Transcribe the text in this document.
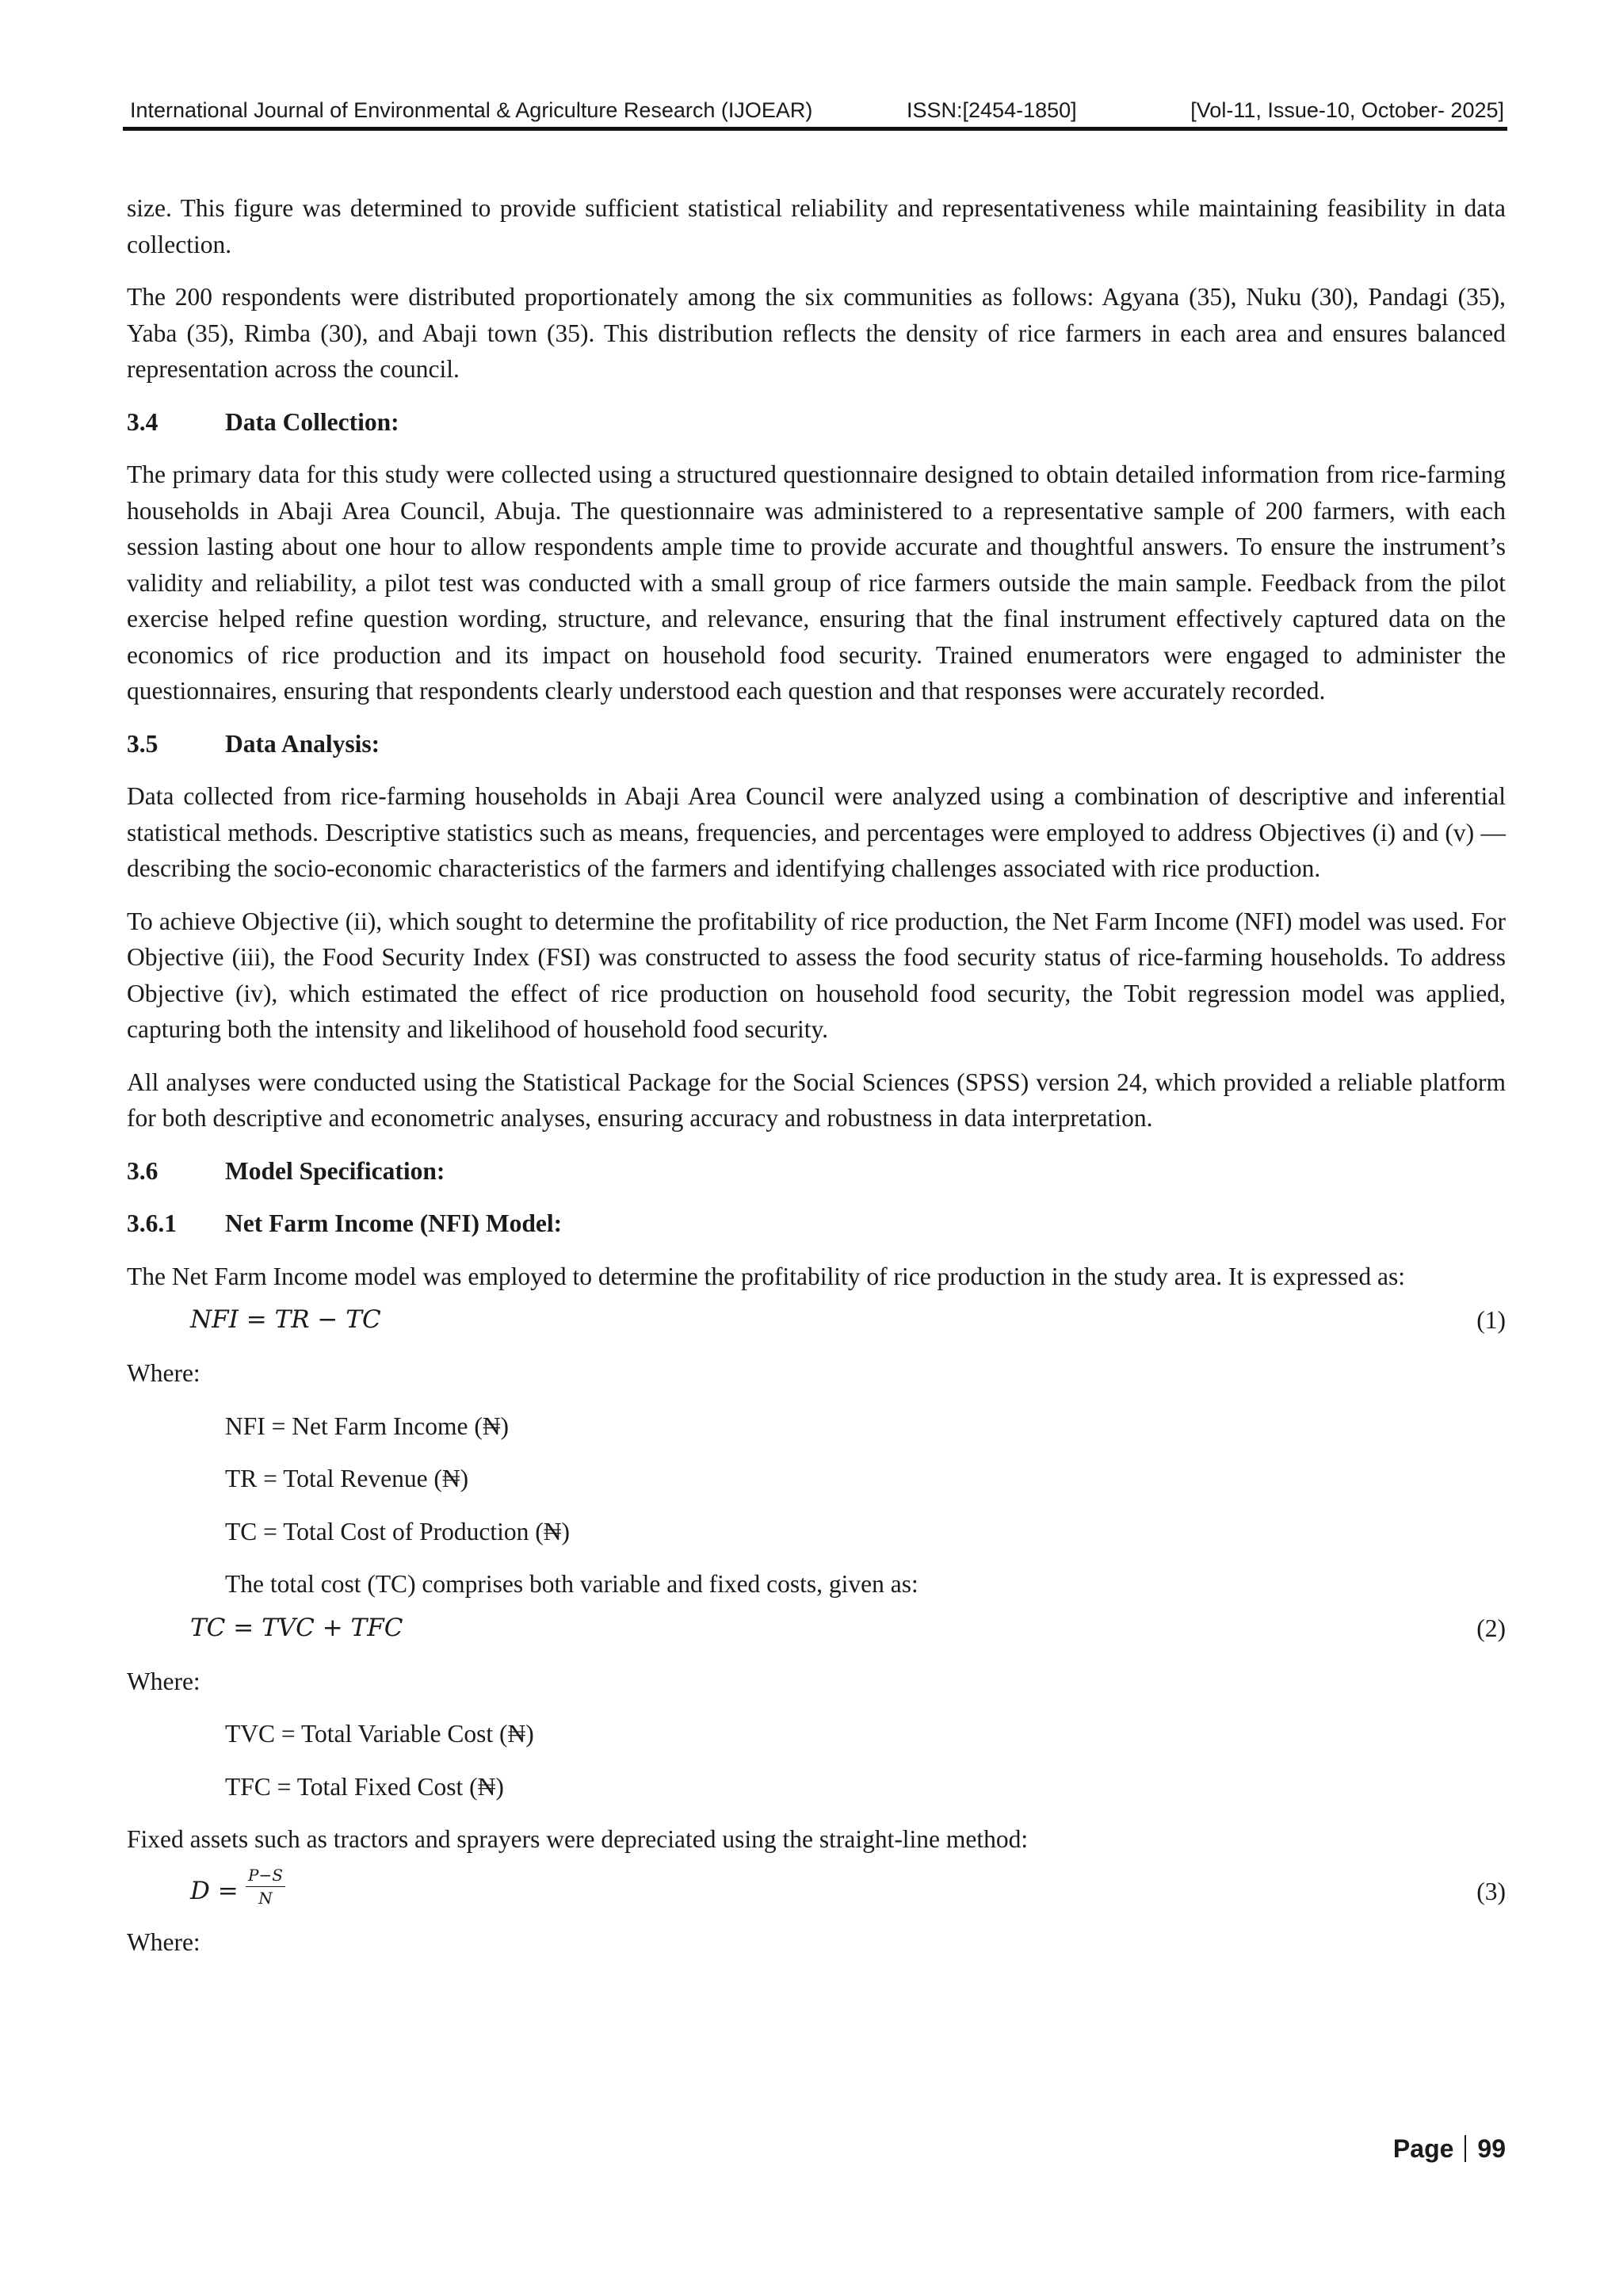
International Journal of Environmental & Agriculture Research (IJOEAR)	ISSN:[2454-1850]	[Vol-11, Issue-10, October- 2025]

size. This figure was determined to provide sufficient statistical reliability and representativeness while maintaining feasibility in data collection.

The 200 respondents were distributed proportionately among the six communities as follows: Agyana (35), Nuku (30), Pandagi (35), Yaba (35), Rimba (30), and Abaji town (35). This distribution reflects the density of rice farmers in each area and ensures balanced representation across the council.

3.4	Data Collection:

The primary data for this study were collected using a structured questionnaire designed to obtain detailed information from rice-farming households in Abaji Area Council, Abuja. The questionnaire was administered to a representative sample of 200 farmers, with each session lasting about one hour to allow respondents ample time to provide accurate and thoughtful answers. To ensure the instrument’s validity and reliability, a pilot test was conducted with a small group of rice farmers outside the main sample. Feedback from the pilot exercise helped refine question wording, structure, and relevance, ensuring that the final instrument effectively captured data on the economics of rice production and its impact on household food security. Trained enumerators were engaged to administer the questionnaires, ensuring that respondents clearly understood each question and that responses were accurately recorded.

3.5	Data Analysis:

Data collected from rice-farming households in Abaji Area Council were analyzed using a combination of descriptive and inferential statistical methods. Descriptive statistics such as means, frequencies, and percentages were employed to address Objectives (i) and (v) — describing the socio-economic characteristics of the farmers and identifying challenges associated with rice production.

To achieve Objective (ii), which sought to determine the profitability of rice production, the Net Farm Income (NFI) model was used. For Objective (iii), the Food Security Index (FSI) was constructed to assess the food security status of rice-farming households. To address Objective (iv), which estimated the effect of rice production on household food security, the Tobit regression model was applied, capturing both the intensity and likelihood of household food security.

All analyses were conducted using the Statistical Package for the Social Sciences (SPSS) version 24, which provided a reliable platform for both descriptive and econometric analyses, ensuring accuracy and robustness in data interpretation.

3.6	Model Specification:
3.6.1	Net Farm Income (NFI) Model:

The Net Farm Income model was employed to determine the profitability of rice production in the study area. It is expressed as:

NFI = TR − TC	(1)

Where:

NFI = Net Farm Income (₦)

TR = Total Revenue (₦)

TC = Total Cost of Production (₦)

The total cost (TC) comprises both variable and fixed costs, given as:

TC = TVC + TFC	(2)

Where:

TVC = Total Variable Cost (₦)

TFC = Total Fixed Cost (₦)

Fixed assets such as tractors and sprayers were depreciated using the straight-line method:

D =
P−S
N	(3)

Where:

Page 99
